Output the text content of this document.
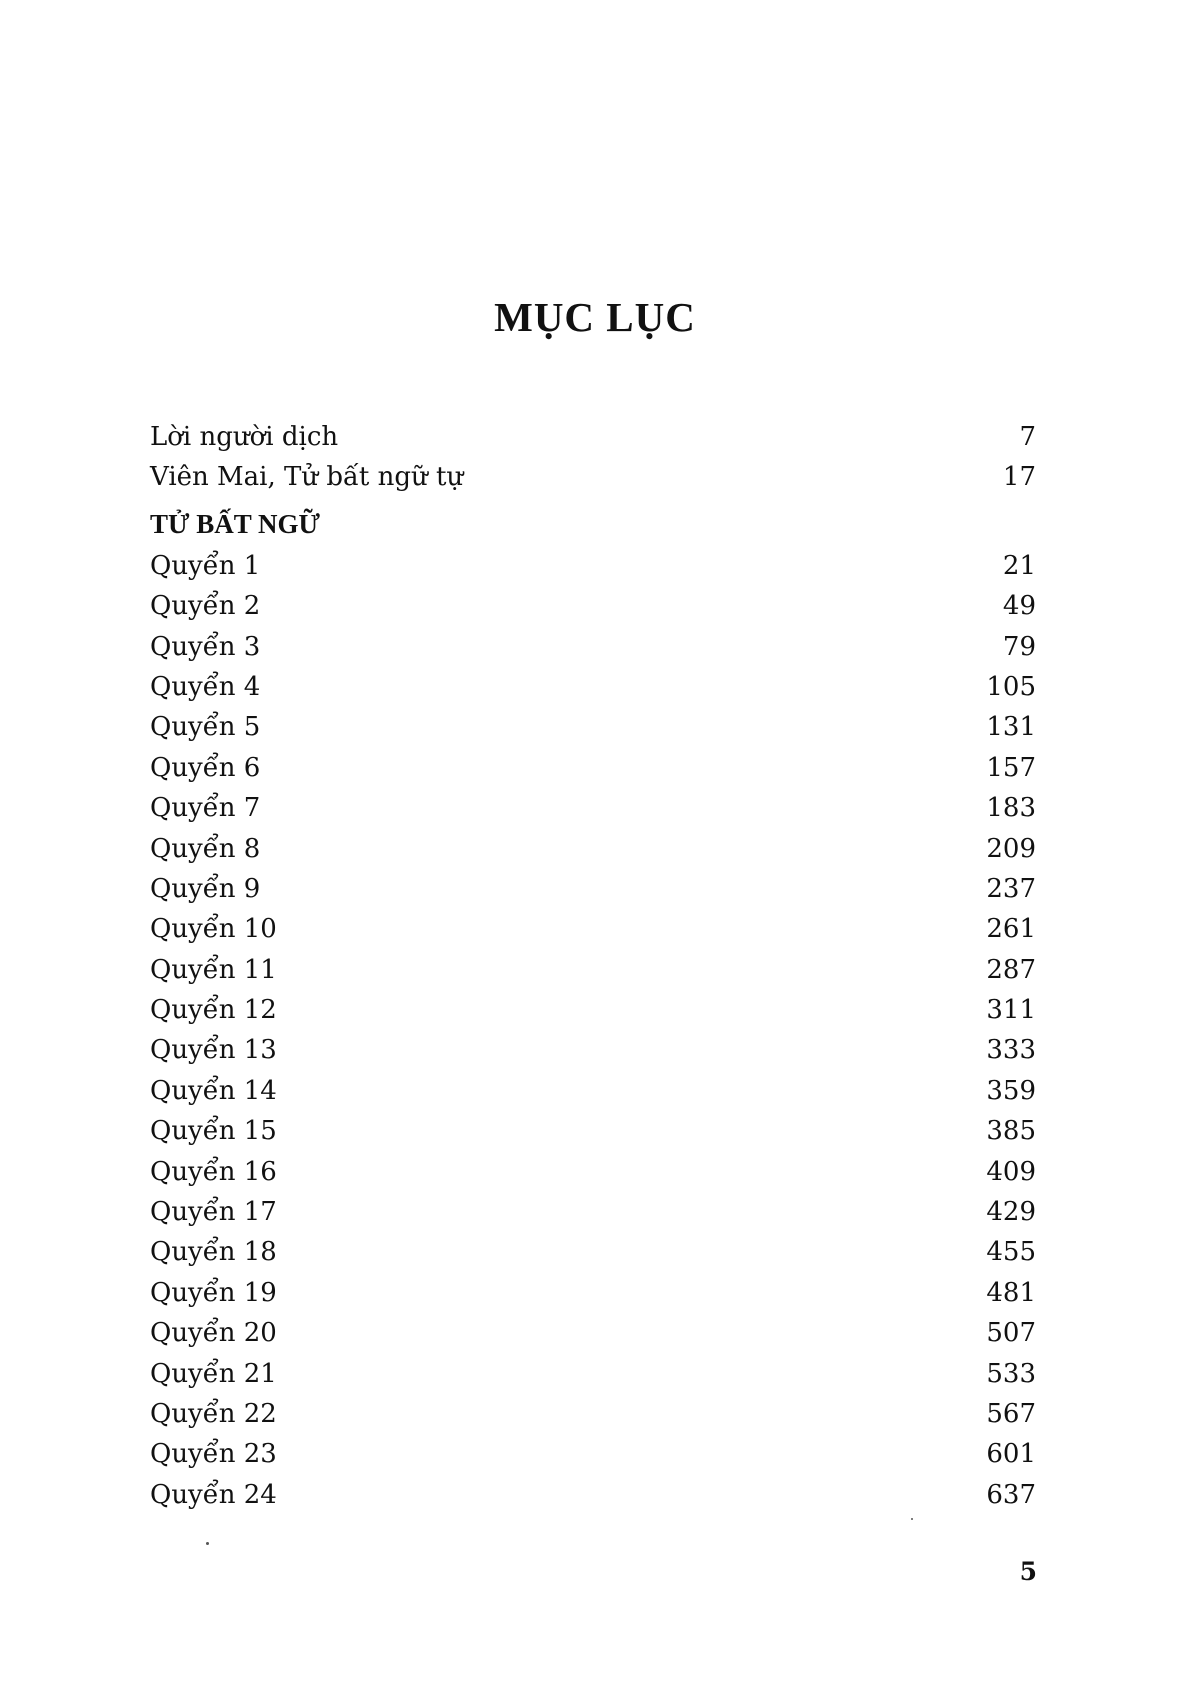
MỤC LỤC
Lời người dịch	7
Viên Mai, Tử bất ngữ tự	17
TỬ BẤT NGỮ
Quyển 1	21
Quyển 2	49
Quyển 3	79
Quyển 4	105
Quyển 5	131
Quyển 6	157
Quyển 7	183
Quyển 8	209
Quyển 9	237
Quyển 10	261
Quyển 11	287
Quyển 12	311
Quyển 13	333
Quyển 14	359
Quyển 15	385
Quyển 16	409
Quyển 17	429
Quyển 18	455
Quyển 19	481
Quyển 20	507
Quyển 21	533
Quyển 22	567
Quyển 23	601
Quyển 24	637
5
